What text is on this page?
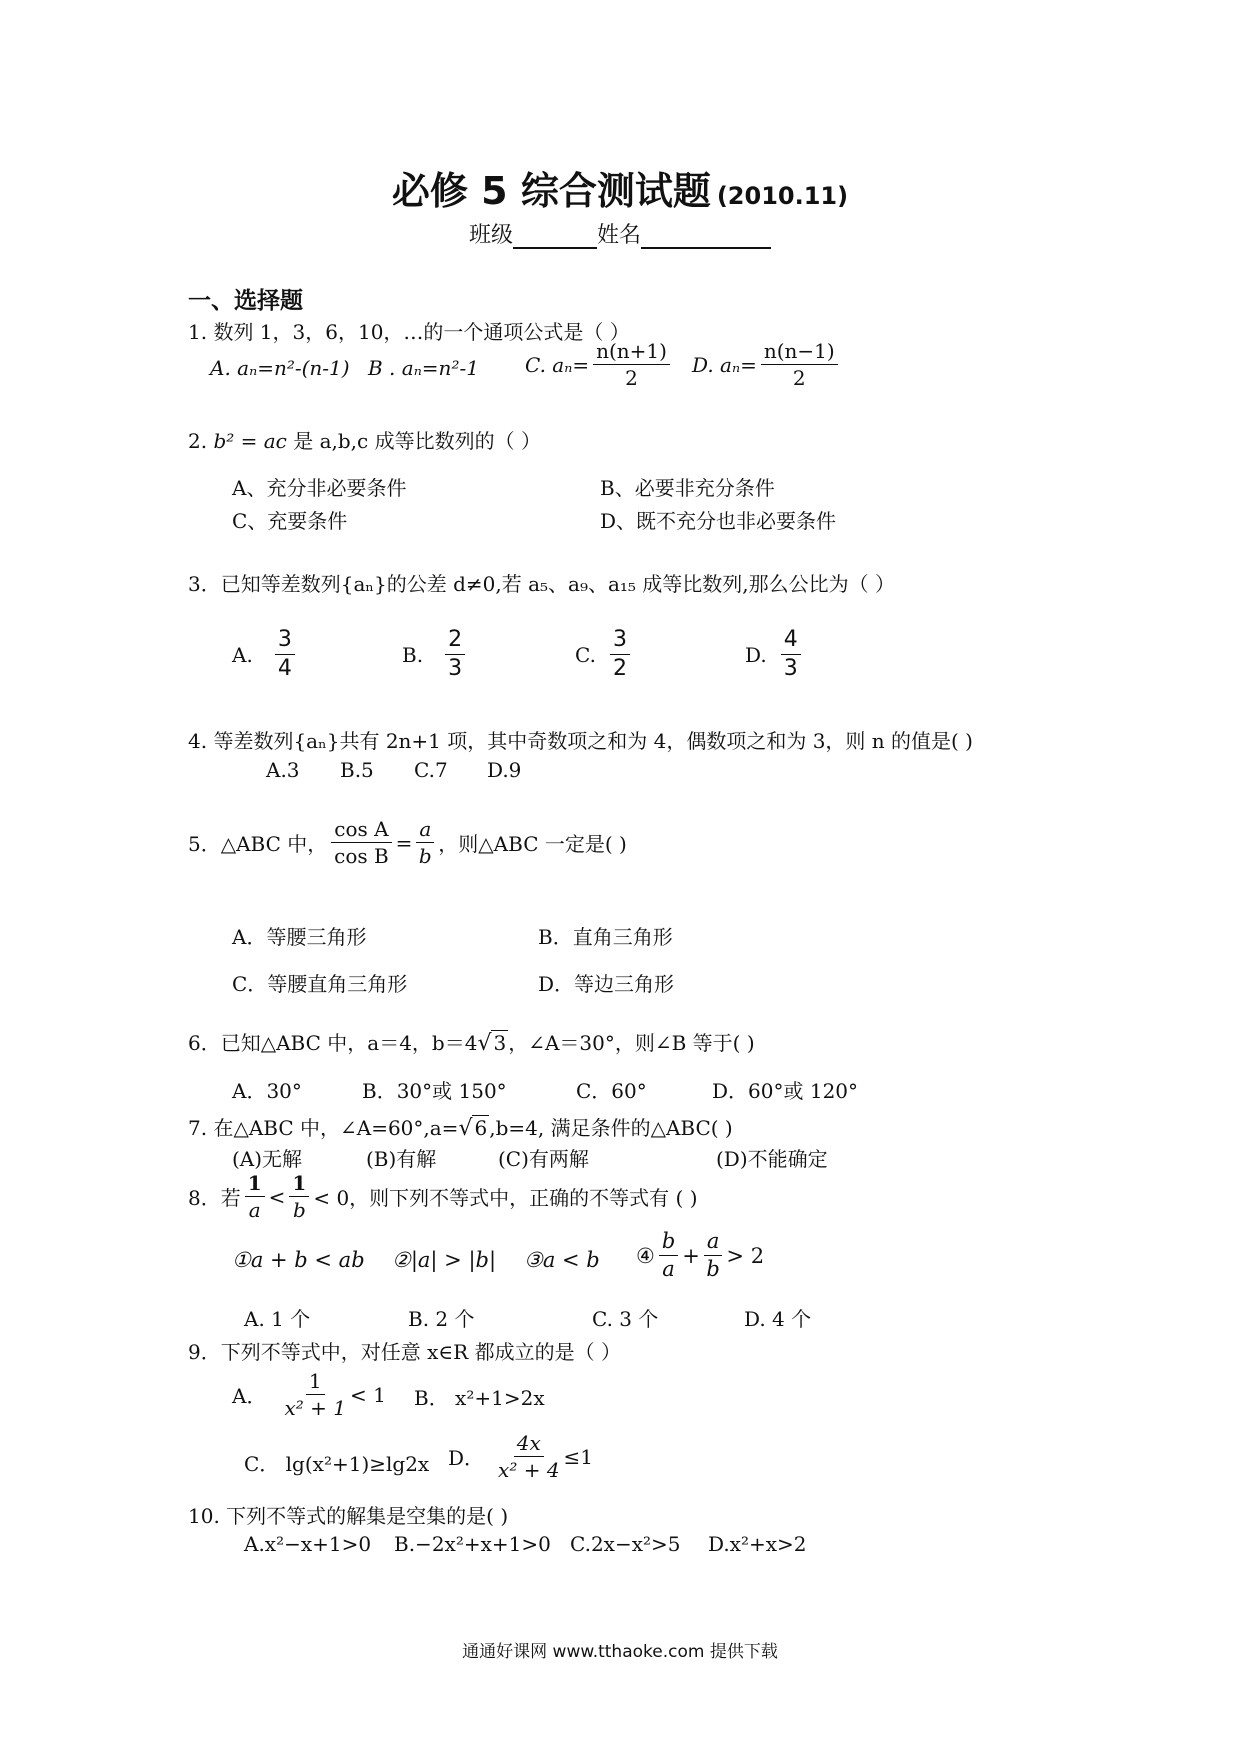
必修 5 综合测试题 (2010.11)
班级	姓名
一、选择题
1. 数列 1，3，6，10，…的一个通项公式是（ ）
A. aₙ=n²-(n-1) B . aₙ=n²-1 C. $a_n= \frac{n(n+1)}{2} D$. $a_n= \frac{n(n-1)}{2}$
2. b² = ac 是 a,b,c 成等比数列的（ ）
A、充分非必要条件	B、必要非充分条件
C、充要条件	D、既不充分也非必要条件
3．已知等差数列{aₙ}的公差 d≠0,若 a₅、a₉、a₁₅ 成等比数列,那么公比为（ ）
A. $\frac{3}{4}$	B. $\frac{2}{3}$	C. $\frac{3}{2}$	D. $\frac{4}{3}$
4. 等差数列{aₙ}共有 2n+1 项，其中奇数项之和为 4，偶数项之和为 3，则 n 的值是( )
A.3 B.5 C.7 D.9
5．△ABC 中， $\frac{\text{cos A}}{\text{cos B}} = \frac{a}{b}$ ，则△ABC 一定是( )
A．等腰三角形	B．直角三角形
C．等腰直角三角形	D．等边三角形
6．已知△ABC 中，a＝4，b＝4√ 3 ，∠A＝30°，则∠B 等于( )
A．30°	B．30°或 150°	C．60°	D．60°或 120°
7. 在△ABC 中，∠A=60°,a=√ 6 ,b=4, 满足条件的△ABC( )
(A)无解	(B)有解	(C)有两解	(D)不能确定
8．若 $\frac{1}{a} < \frac{1}{b} < 0$，则下列不等式中，正确的不等式有 ( )
①a + b < ab ②|a| > |b| ③a < b ④ $\frac{b}{a} + \frac{a}{b} > 2$
A. 1 个	B. 2 个	C. 3 个	D. 4 个
9．下列不等式中，对任意 x∈R 都成立的是（ ）
A． $\frac{1}{\text{x² + 1}} < 1$ B． x²+1>2x
C． lg(x²+1)≥lg2x D． $\frac{4x}{\text{x² + 4}} \le 1$
10. 下列不等式的解集是空集的是( )
A.x²−x+1>0 B.−2x²+x+1>0 C.2x−x²>5 D.x²+x>2
通通好课网 www.tthaoke.com 提供下载
